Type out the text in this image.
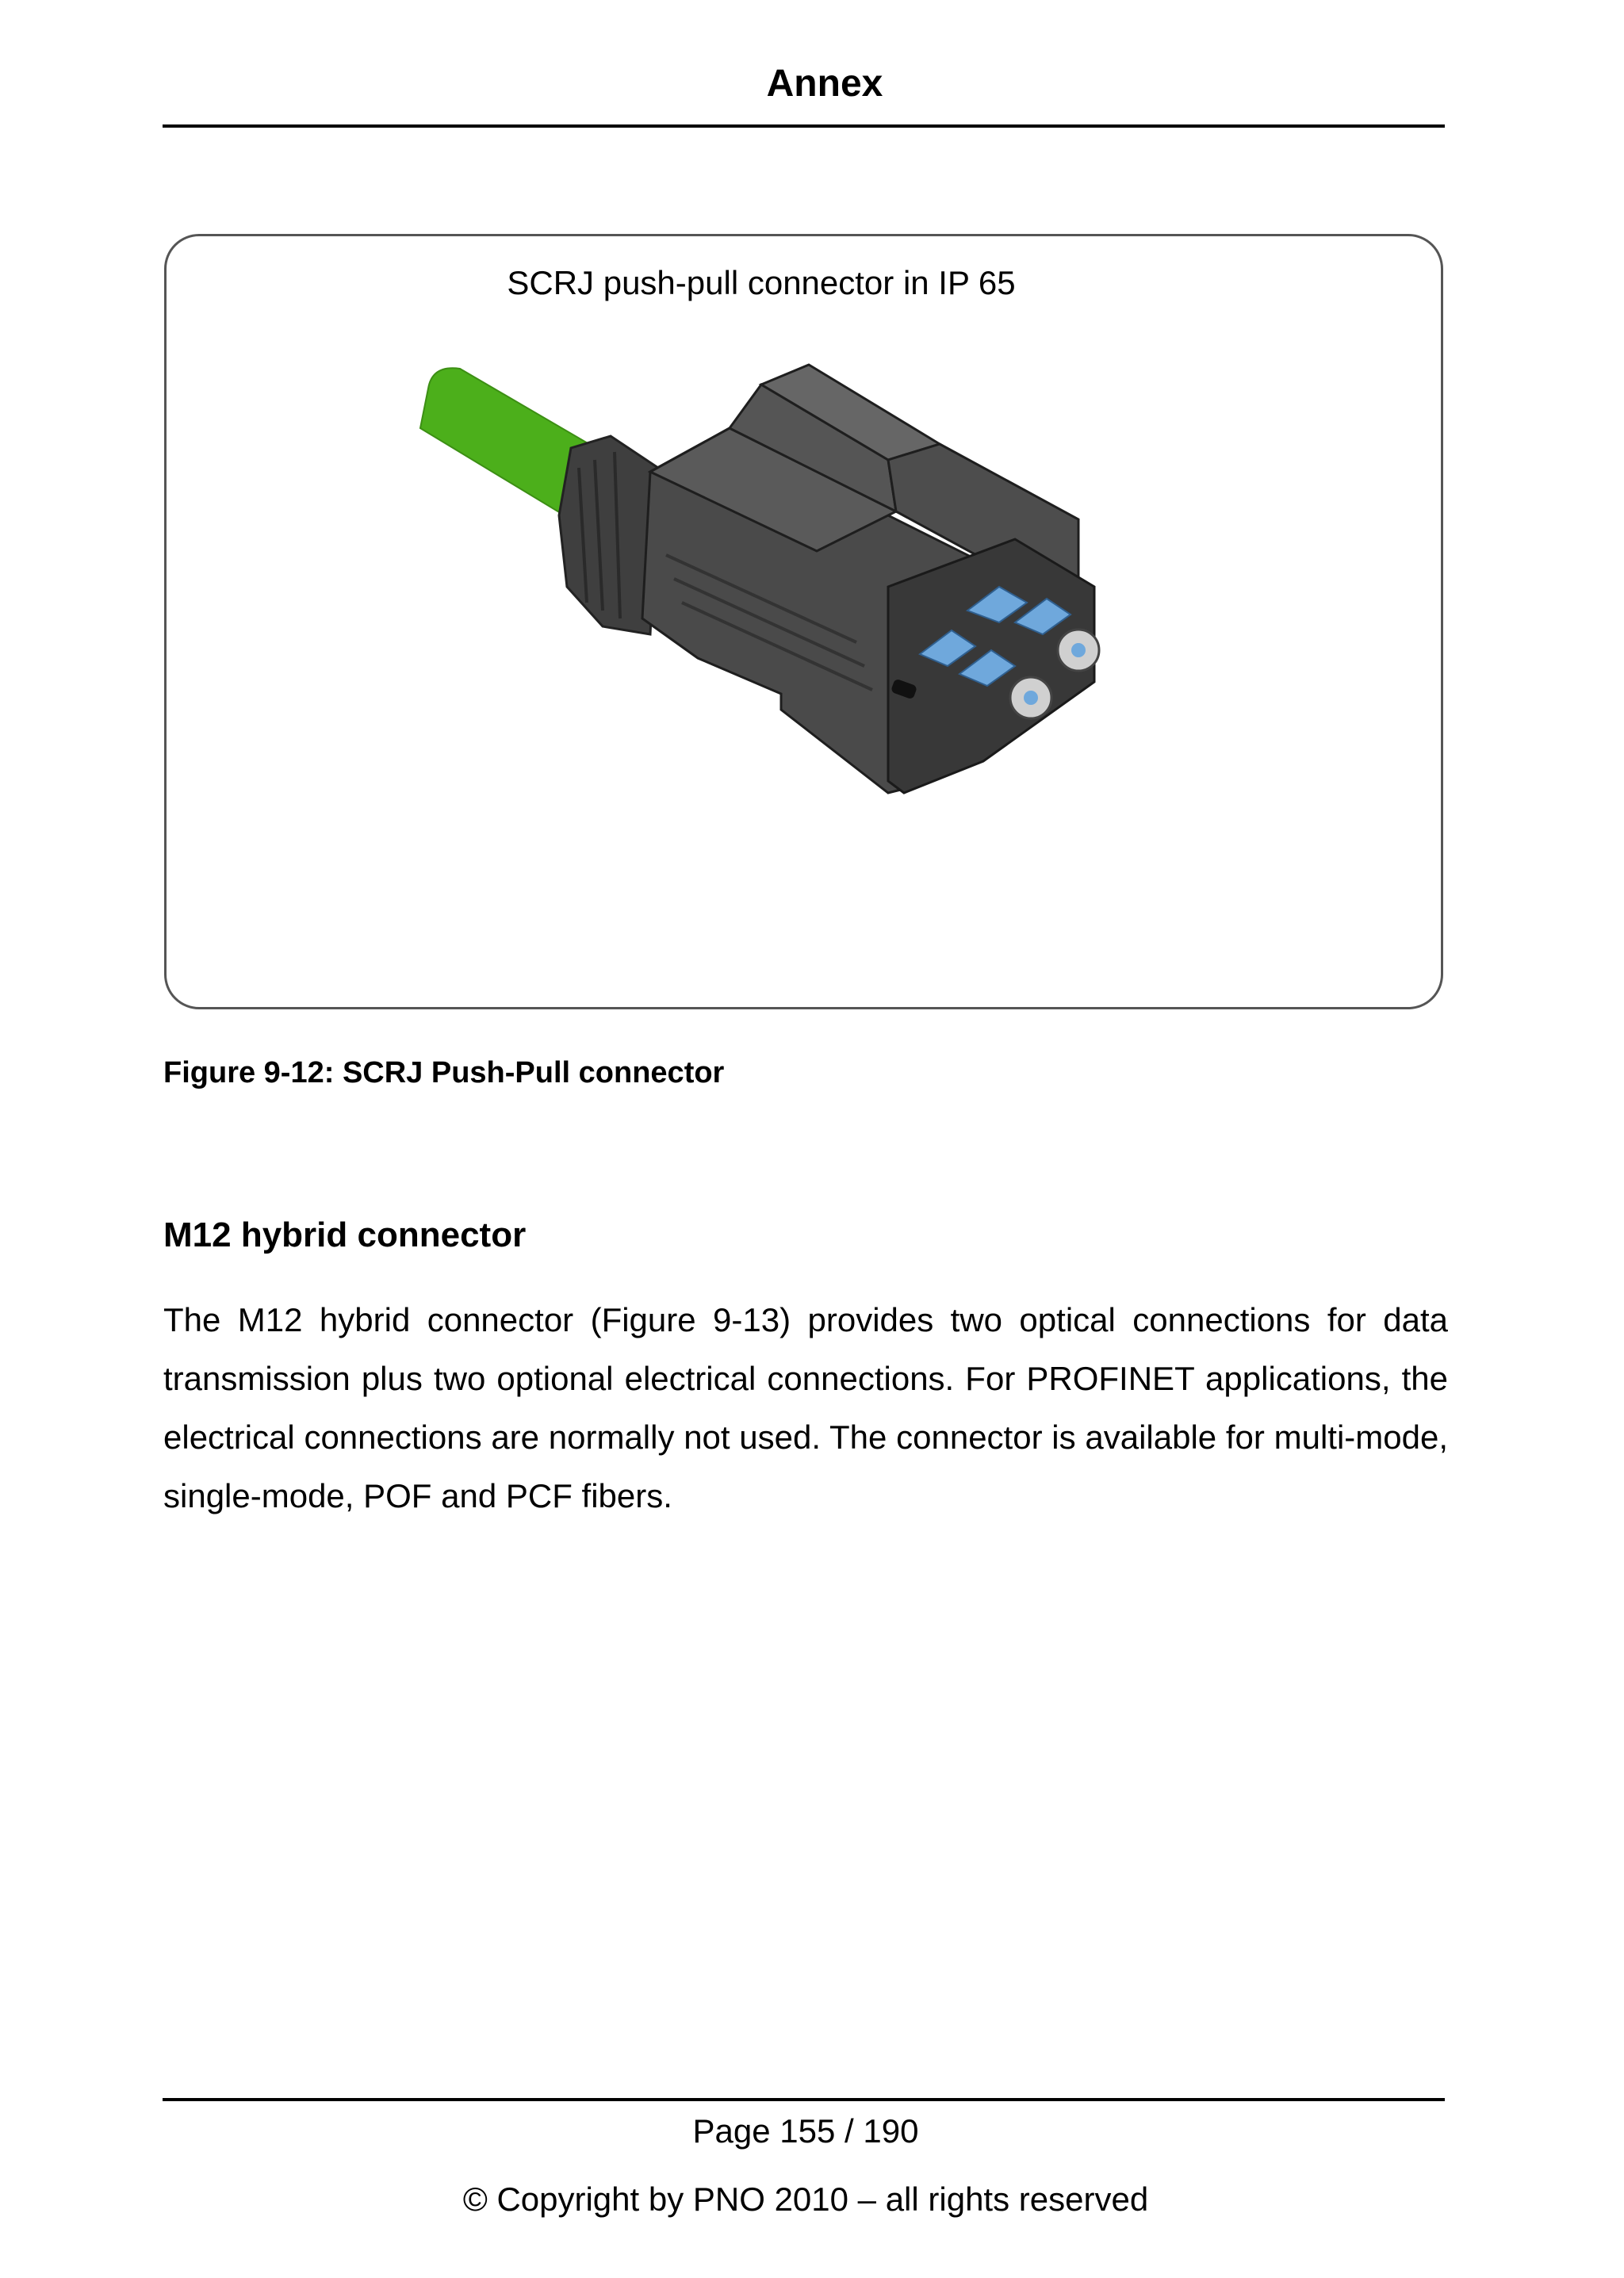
Annex
SCRJ push-pull connector in IP 65
Figure 9-12: SCRJ Push-Pull connector
M12 hybrid connector
The M12 hybrid connector (Figure 9-13) provides two optical connections for data transmission plus two optional electrical connections. For PROFINET applications, the electrical connections are normally not used. The connector is available for multi-mode, single-mode, POF and PCF fibers.
Page 155 / 190
© Copyright by PNO 2010 – all rights reserved
